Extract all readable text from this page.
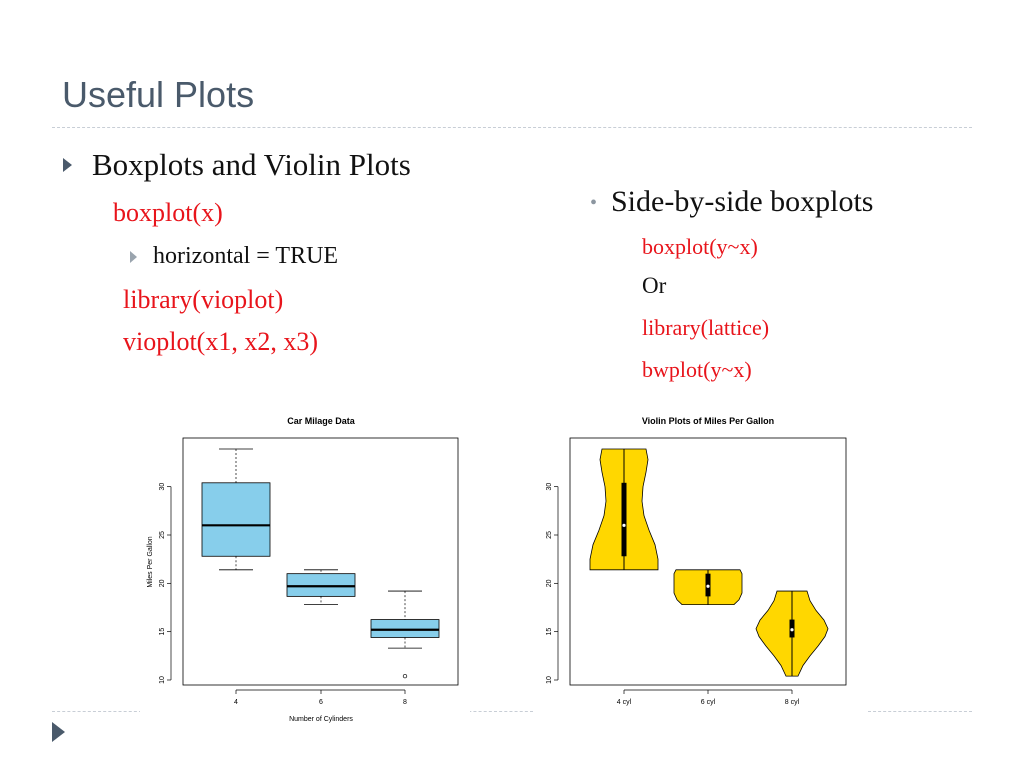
Useful Plots
Boxplots and Violin Plots
boxplot(x)
horizontal = TRUE
library(vioplot)
vioplot(x1, x2, x3)
• Side-by-side boxplots
boxplot(y~x)
Or
library(lattice)
bwplot(y~x)
Car Milage Data
Miles Per Gallon
Number of Cylinders
10
15
20
25
30
4	6	8
Violin Plots of Miles Per Gallon
10
15
20
25
30
4 cyl	6 cyl	8 cyl
